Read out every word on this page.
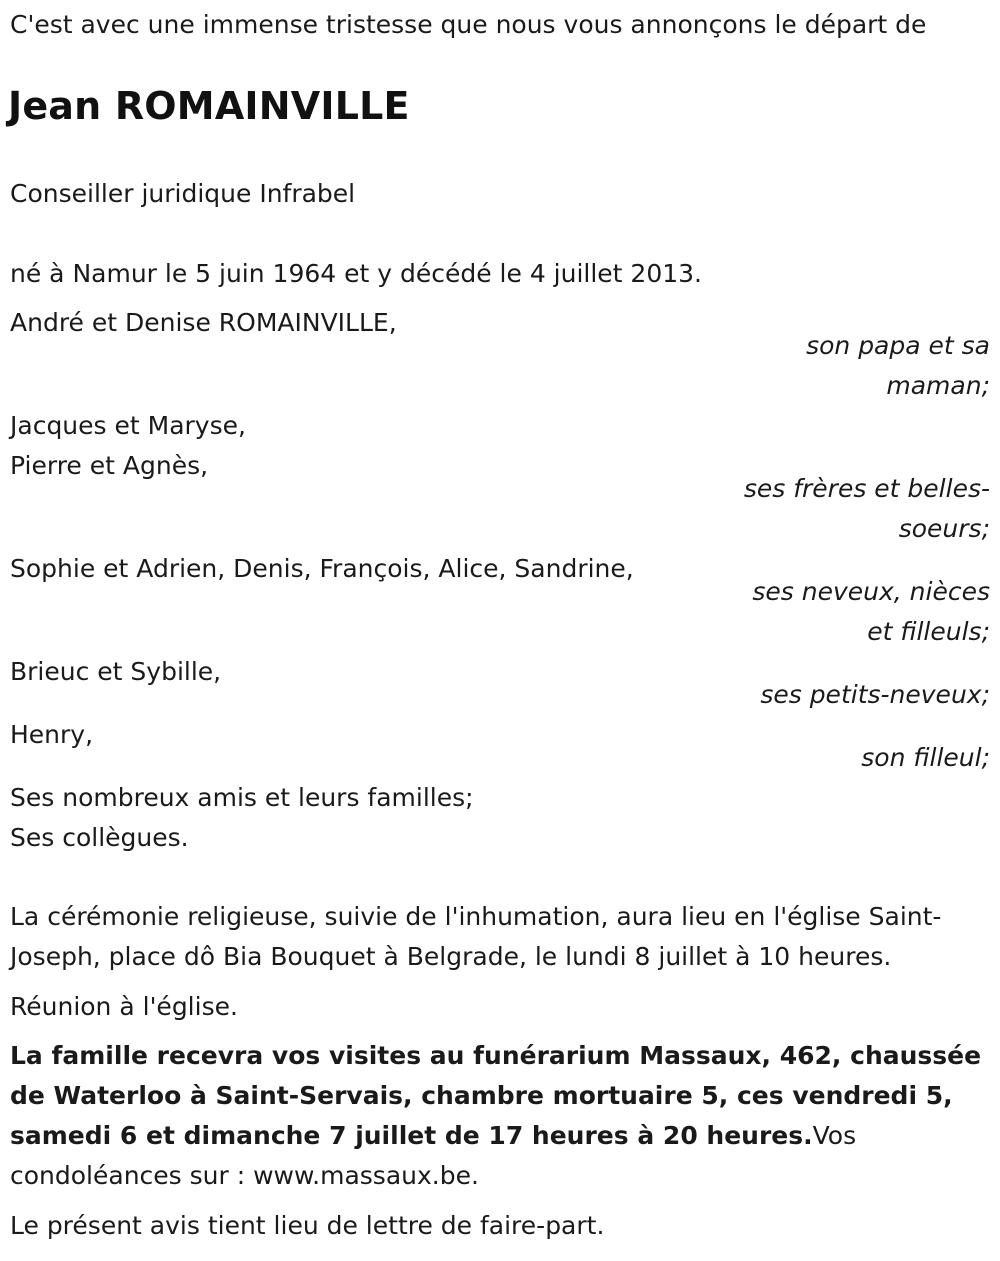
C'est avec une immense tristesse que nous vous annonçons le départ de
Jean ROMAINVILLE
Conseiller juridique Infrabel
né à Namur le 5 juin 1964 et y décédé le 4 juillet 2013.
André et Denise ROMAINVILLE,
son papa et sa
maman;
Jacques et Maryse,
Pierre et Agnès,
ses frères et belles-
soeurs;
Sophie et Adrien, Denis, François, Alice, Sandrine,
ses neveux, nièces
et filleuls;
Brieuc et Sybille,
ses petits-neveux;
Henry,
son filleul;
Ses nombreux amis et leurs familles;
Ses collègues.
La cérémonie religieuse, suivie de l'inhumation, aura lieu en l'église Saint-
Joseph, place dô Bia Bouquet à Belgrade, le lundi 8 juillet à 10 heures.
Réunion à l'église.
La famille recevra vos visites au funérarium Massaux, 462, chaussée
de Waterloo à Saint-Servais, chambre mortuaire 5, ces vendredi 5,
samedi 6 et dimanche 7 juillet de 17 heures à 20 heures.Vos
condoléances sur : www.massaux.be.
Le présent avis tient lieu de lettre de faire-part.
